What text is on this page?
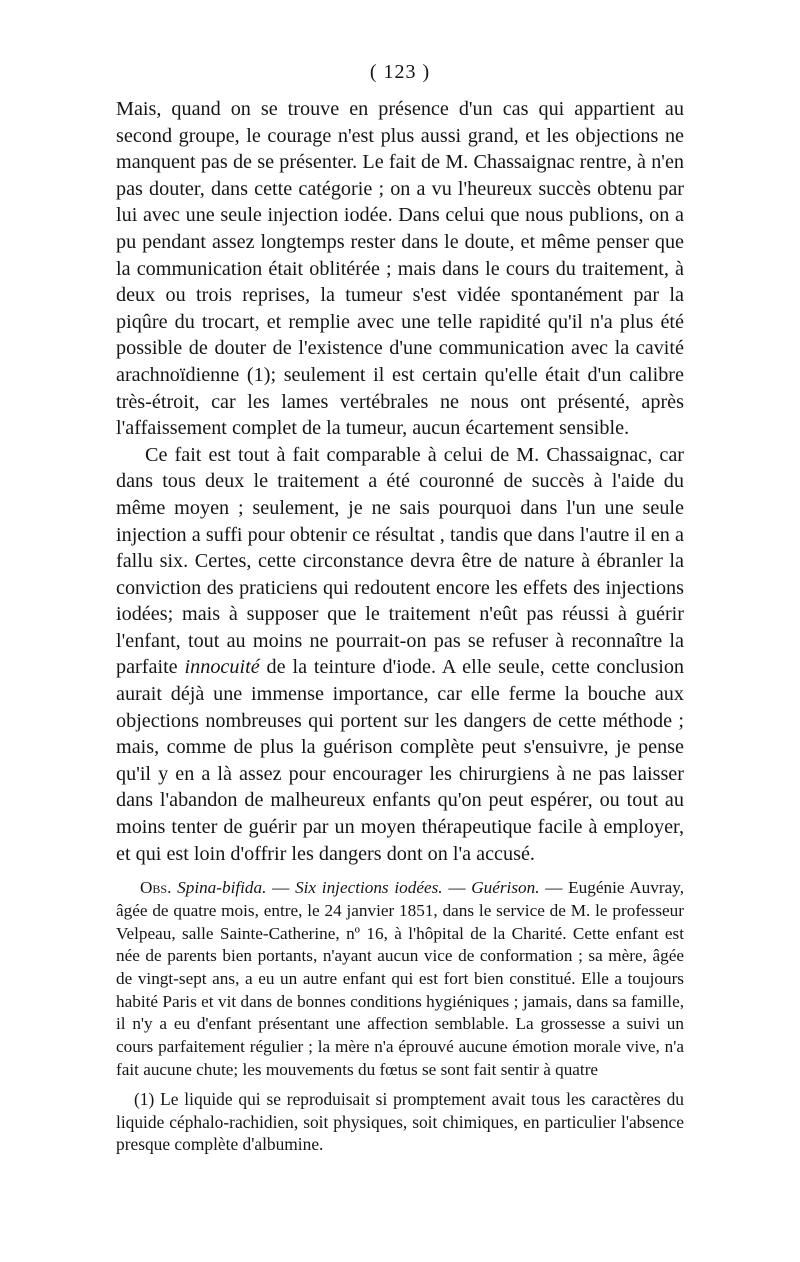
( 123 )

Mais, quand on se trouve en présence d'un cas qui appartient au second groupe, le courage n'est plus aussi grand, et les objections ne manquent pas de se présenter. Le fait de M. Chassaignac rentre, à n'en pas douter, dans cette catégorie ; on a vu l'heureux succès obtenu par lui avec une seule injection iodée. Dans celui que nous publions, on a pu pendant assez longtemps rester dans le doute, et même penser que la communication était oblitérée ; mais dans le cours du traitement, à deux ou trois reprises, la tumeur s'est vidée spontanément par la piqûre du trocart, et remplie avec une telle rapidité qu'il n'a plus été possible de douter de l'existence d'une communication avec la cavité arachnoïdienne (1); seulement il est certain qu'elle était d'un calibre très-étroit, car les lames vertébrales ne nous ont présenté, après l'affaissement complet de la tumeur, aucun écartement sensible.

Ce fait est tout à fait comparable à celui de M. Chassaignac, car dans tous deux le traitement a été couronné de succès à l'aide du même moyen ; seulement, je ne sais pourquoi dans l'un une seule injection a suffi pour obtenir ce résultat , tandis que dans l'autre il en a fallu six. Certes, cette circonstance devra être de nature à ébranler la conviction des praticiens qui redoutent encore les effets des injections iodées; mais à supposer que le traitement n'eût pas réussi à guérir l'enfant, tout au moins ne pourrait-on pas se refuser à reconnaître la parfaite innocuité de la teinture d'iode. A elle seule, cette conclusion aurait déjà une immense importance, car elle ferme la bouche aux objections nombreuses qui portent sur les dangers de cette méthode ; mais, comme de plus la guérison complète peut s'ensuivre, je pense qu'il y en a là assez pour encourager les chirurgiens à ne pas laisser dans l'abandon de malheureux enfants qu'on peut espérer, ou tout au moins tenter de guérir par un moyen thérapeutique facile à employer, et qui est loin d'offrir les dangers dont on l'a accusé.

Obs. Spina-bifida. — Six injections iodées. — Guérison. — Eugénie Auvray, âgée de quatre mois, entre, le 24 janvier 1851, dans le service de M. le professeur Velpeau, salle Sainte-Catherine, nº 16, à l'hôpital de la Charité. Cette enfant est née de parents bien portants, n'ayant aucun vice de conformation ; sa mère, âgée de vingt-sept ans, a eu un autre enfant qui est fort bien constitué. Elle a toujours habité Paris et vit dans de bonnes conditions hygiéniques ; jamais, dans sa famille, il n'y a eu d'enfant présentant une affection semblable. La grossesse a suivi un cours parfaitement régulier ; la mère n'a éprouvé aucune émotion morale vive, n'a fait aucune chute; les mouvements du fœtus se sont fait sentir à quatre

(1) Le liquide qui se reproduisait si promptement avait tous les caractères du liquide céphalo-rachidien, soit physiques, soit chimiques, en particulier l'absence presque complète d'albumine.
